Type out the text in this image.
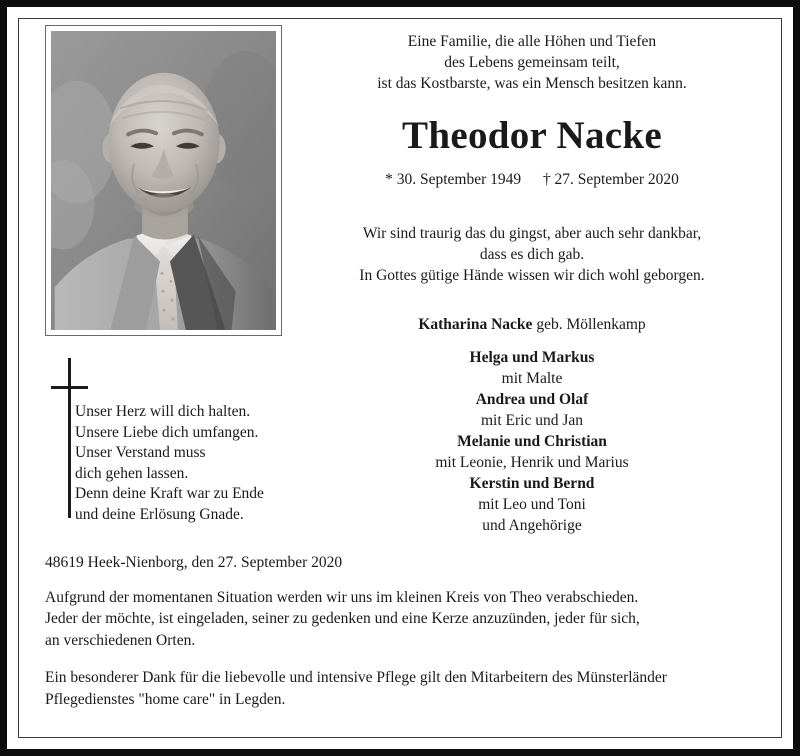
Unser Herz will dich halten.
Unsere Liebe dich umfangen.
Unser Verstand muss
dich gehen lassen.
Denn deine Kraft war zu Ende
und deine Erlösung Gnade.
Eine Familie, die alle Höhen und Tiefen
des Lebens gemeinsam teilt,
ist das Kostbarste, was ein Mensch besitzen kann.
Theodor Nacke
* 30. September 1949 † 27. September 2020
Wir sind traurig das du gingst, aber auch sehr dankbar,
dass es dich gab.
In Gottes gütige Hände wissen wir dich wohl geborgen.
Katharina Nacke geb. Möllenkamp
Helga und Markus
mit Malte
Andrea und Olaf
mit Eric und Jan
Melanie und Christian
mit Leonie, Henrik und Marius
Kerstin und Bernd
mit Leo und Toni
und Angehörige
48619 Heek-Nienborg, den 27. September 2020
Aufgrund der momentanen Situation werden wir uns im kleinen Kreis von Theo verabschieden.
Jeder der möchte, ist eingeladen, seiner zu gedenken und eine Kerze anzuzünden, jeder für sich,
an verschiedenen Orten.
Ein besonderer Dank für die liebevolle und intensive Pflege gilt den Mitarbeitern des Münsterländer
Pflegedienstes "home care" in Legden.
